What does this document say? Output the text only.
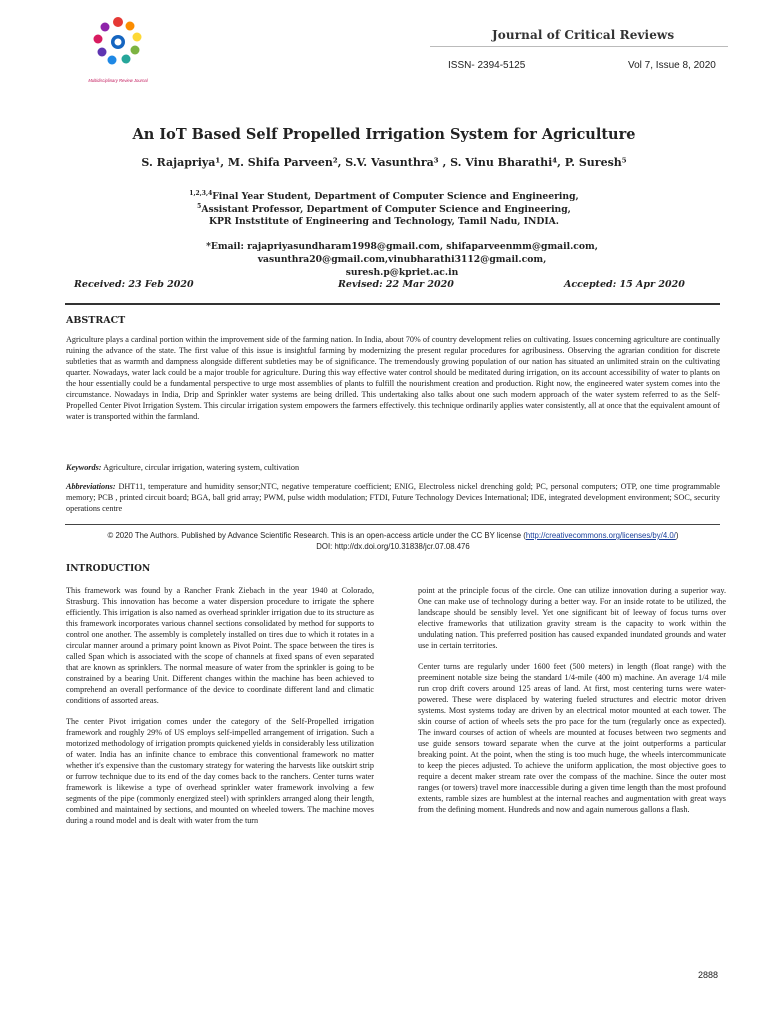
Multidisciplinary Review Journal
Journal of Critical Reviews
ISSN- 2394-5125	Vol 7, Issue 8, 2020
An IoT Based Self Propelled Irrigation System for Agriculture
S. Rajapriya¹, M. Shifa Parveen², S.V. Vasunthra³ , S. Vinu Bharathi⁴, P. Suresh⁵
$^{1,2,3,4}$Final Year Student, Department of Computer Science and Engineering,
$^5$Assistant Professor, Department of Computer Science and Engineering,
KPR Inststitute of Engineering and Technology, Tamil Nadu, INDIA.
*Email: rajapriyasundharam1998@gmail.com, shifaparveenmm@gmail.com, vasunthra20@gmail.com,vinubharathi3112@gmail.com,
suresh.p@kpriet.ac.in
Received: 23 Feb 2020	Revised: 22 Mar 2020	Accepted: 15 Apr 2020
ABSTRACT
Agriculture plays a cardinal portion within the improvement side of the farming nation. In India, about 70% of country development relies on cultivating. Issues concerning agriculture are continually ruining the advance of the state. The first value of this issue is insightful farming by modernizing the present regular procedures for agribusiness. Observing the agrarian condition for discrete subtleties that as warmth and dampness alongside different subtleties may be of significance. The tremendously growing population of our nation has situated an unlimited strain on the cultivating quarter. Nowadays, water lack could be a major trouble for agriculture. During this way effective water control should be meditated during irrigation, on its account accessibility of water to plants on the hour essentially could be a fundamental perspective to urge most assemblies of plants to fulfill the nourishment creation and production. Right now, the engineered water system comes into the circumstance. Nowadays in India, Drip and Sprinkler water systems are being drilled. This undertaking also talks about one such modern approach of the water system referred to as the Self- Propelled Center Pivot Irrigation System. This circular irrigation system empowers the farmers effectively. this technique ordinarily applies water consistently, all at once that the equivalent amount of water is transported within the farmland.
Keywords: Agriculture, circular irrigation, watering system, cultivation
Abbreviations: DHT11, temperature and humidity sensor;NTC, negative temperature coefficient; ENIG, Electroless nickel drenching gold; PC, personal computers; OTP, one time programmable memory; PCB , printed circuit board; BGA, ball grid array; PWM, pulse width modulation; FTDI, Future Technology Devices International; IDE, integrated development environment; SOC, security operations centre
© 2020 The Authors. Published by Advance Scientific Research. This is an open-access article under the CC BY license (http://creativecommons.org/licenses/by/4.0/)
DOI: http://dx.doi.org/10.31838/jcr.07.08.476
INTRODUCTION

This framework was found by a Rancher Frank Ziebach in the year 1940 at Colorado, Strasburg. This innovation has become a water dispersion procedure to irrigate the sphere efficiently. This irrigation is also named as overhead sprinkler irrigation due to its structure as this framework incorporates various channel sections consolidated by method for supports to control one another. The assembly is completely installed on tires due to which it rotates in a circular manner around a primary point known as Pivot Point. The space between the tires is called Span which is associated with the scope of channels at fixed spans of even separated that are known as sprinklers. The normal measure of water from the sprinkler is going to be constrained by a bearing Unit. Different changes within the machine has been achieved to comprehend an overall performance of the device to coordinate different land and climatic conditions of assorted areas.

The center Pivot irrigation comes under the category of the Self-Propelled irrigation framework and roughly 29% of US employs self-impelled arrangement of irrigation. Such a motorized methodology of irrigation prompts quickened yields in considerably less utilization of water. India has an infinite chance to embrace this conventional framework no matter whether it's expensive than the customary strategy for watering the harvests like outskirt strip or furrow technique due to its end of the day comes back to the ranchers. Center turns water framework is likewise a type of overhead sprinkler water framework involving a few segments of the pipe (commonly energized steel) with sprinklers arranged along their length, combined and maintained by sections, and mounted on wheeled towers. The machine moves during a round model and is dealt with water from the turn

point at the principle focus of the circle. One can utilize innovation during a superior way. One can make use of technology during a better way. For an inside rotate to be utilized, the landscape should be sensibly level. Yet one significant bit of leeway of focus turns over elective frameworks that utilization gravity stream is the capacity to work within the undulating nation. This preferred position has caused expanded inundated grounds and water use in certain territories.

Center turns are regularly under 1600 feet (500 meters) in length (float range) with the preeminent notable size being the standard 1/4-mile (400 m) machine. An average 1/4 mile run crop drift covers around 125 areas of land. At first, most centering turns were water-powered. These were displaced by watering fueled structures and electric motor driven systems. Most systems today are driven by an electrical motor mounted at each tower. The skin course of action of wheels sets the pro pace for the turn (regularly once as expected). The inward courses of action of wheels are mounted at focuses between two segments and use guide sensors toward separate when the curve at the joint outperforms a particular breaking point. At the point, when the sting is too much huge, the wheels intercommunicate to keep the pieces adjusted. To achieve the uniform application, the most objective goes to require a decent maker stream rate over the compass of the machine. Since the outer most ranges (or towers) travel more inaccessible during a given time length than the most profound extents, ramble sizes are humblest at the internal reaches and augmentation with great ways from the defining moment. Hundreds and now and again numerous gallons a flash.

2888
